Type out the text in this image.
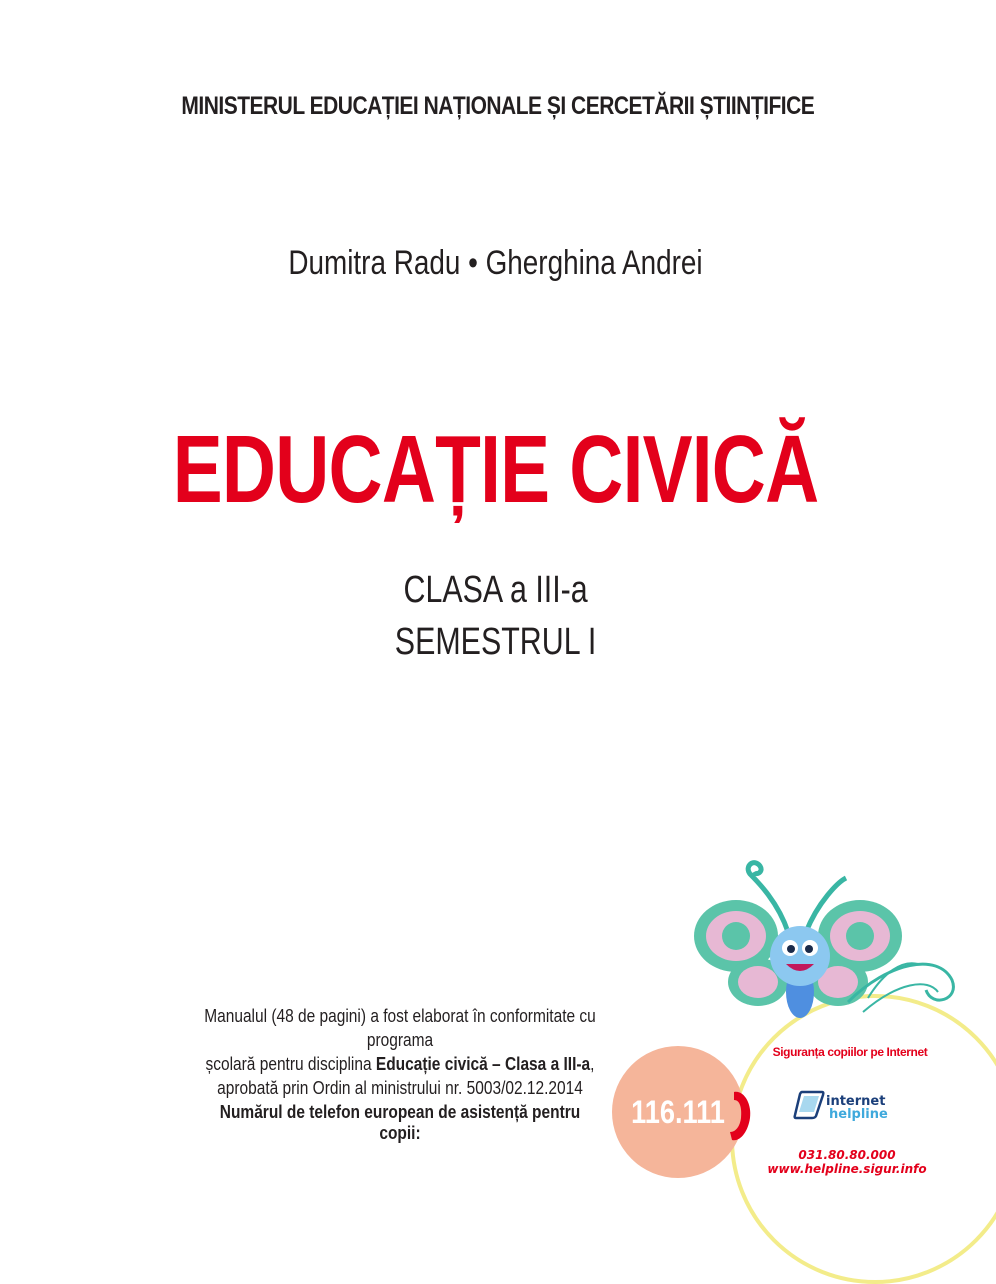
MINISTERUL EDUCAȚIEI NAȚIONALE ȘI CERCETĂRII ȘTIINȚIFICE
Dumitra Radu • Gherghina Andrei
EDUCAȚIE CIVICĂ
CLASA a III-a
SEMESTRUL I
Manualul (48 de pagini) a fost elaborat în conformitate cu programa
școlară pentru disciplina Educație civică – Clasa a III-a,
aprobată prin Ordin al ministrului nr. 5003/02.12.2014
Numărul de telefon european de asistență pentru copii:
116.111
Siguranța copiilor pe Internet
internet
helpline
031.80.80.000
www.helpline.sigur.info
